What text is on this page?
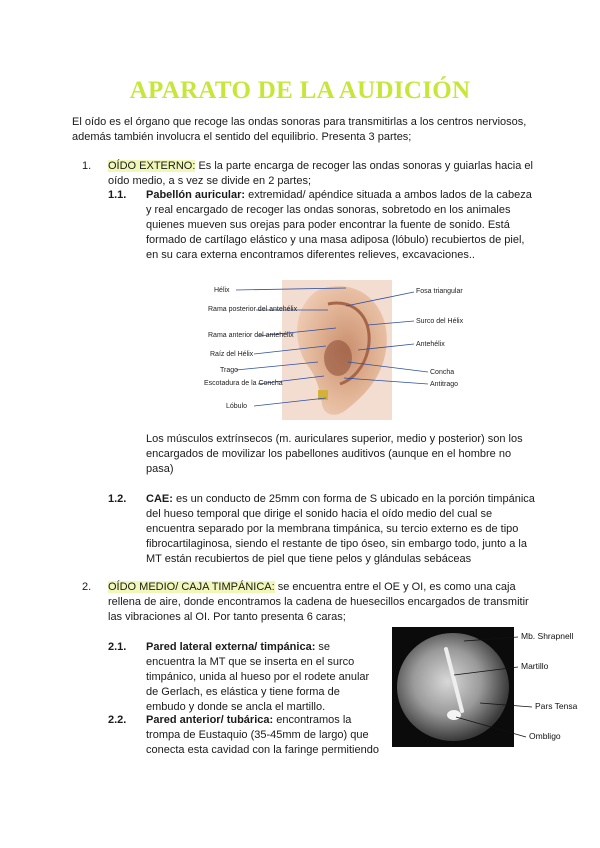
APARATO DE LA AUDICIÓN

El oído es el órgano que recoge las ondas sonoras para transmitirlas a los centros nerviosos, además también involucra el sentido del equilibrio. Presenta 3 partes;

1. OÍDO EXTERNO: Es la parte encarga de recoger las ondas sonoras y guiarlas hacia el oído medio, a s vez se divide en 2 partes;

1.1. Pabellón auricular: extremidad/ apéndice situada a ambos lados de la cabeza y real encargado de recoger las ondas sonoras, sobretodo en los animales quienes mueven sus orejas para poder encontrar la fuente de sonido. Está formado de cartílago elástico y una masa adiposa (lóbulo) recubiertos de piel, en su cara externa encontramos diferentes relieves, excavaciones..

Hélix
Rama posterior del antehélix
Rama anterior del antehélix
Raíz del Hélix
Trago
Escotadura de la Concha
Lóbulo
Fosa triangular
Surco del Hélix
Antehélix
Concha
Antitrago

Los músculos extrínsecos (m. auriculares superior, medio y posterior) son los encargados de movilizar los pabellones auditivos (aunque en el hombre no pasa)

1.2. CAE: es un conducto de 25mm con forma de S ubicado en la porción timpánica del hueso temporal que dirige el sonido hacia el oído medio del cual se encuentra separado por la membrana timpánica, su tercio externo es de tipo fibrocartilaginosa, siendo el restante de tipo óseo, sin embargo todo, junto a la MT están recubiertos de piel que tiene pelos y glándulas sebáceas

2. OÍDO MEDIO/ CAJA TIMPÁNICA: se encuentra entre el OE y OI, es como una caja rellena de aire, donde encontramos la cadena de huesecillos encargados de transmitir las vibraciones al OI. Por tanto presenta 6 caras;

2.1. Pared lateral externa/ timpánica: se encuentra la MT que se inserta en el surco timpánico, unida al hueso por el rodete anular de Gerlach, es elástica y tiene forma de embudo y donde se ancla el martillo.

2.2. Pared anterior/ tubárica: encontramos la trompa de Eustaquio (35-45mm de largo) que conecta esta cavidad con la faringe permitiendo

Mb. Shrapnell
Martillo
Pars Tensa
Ombligo
